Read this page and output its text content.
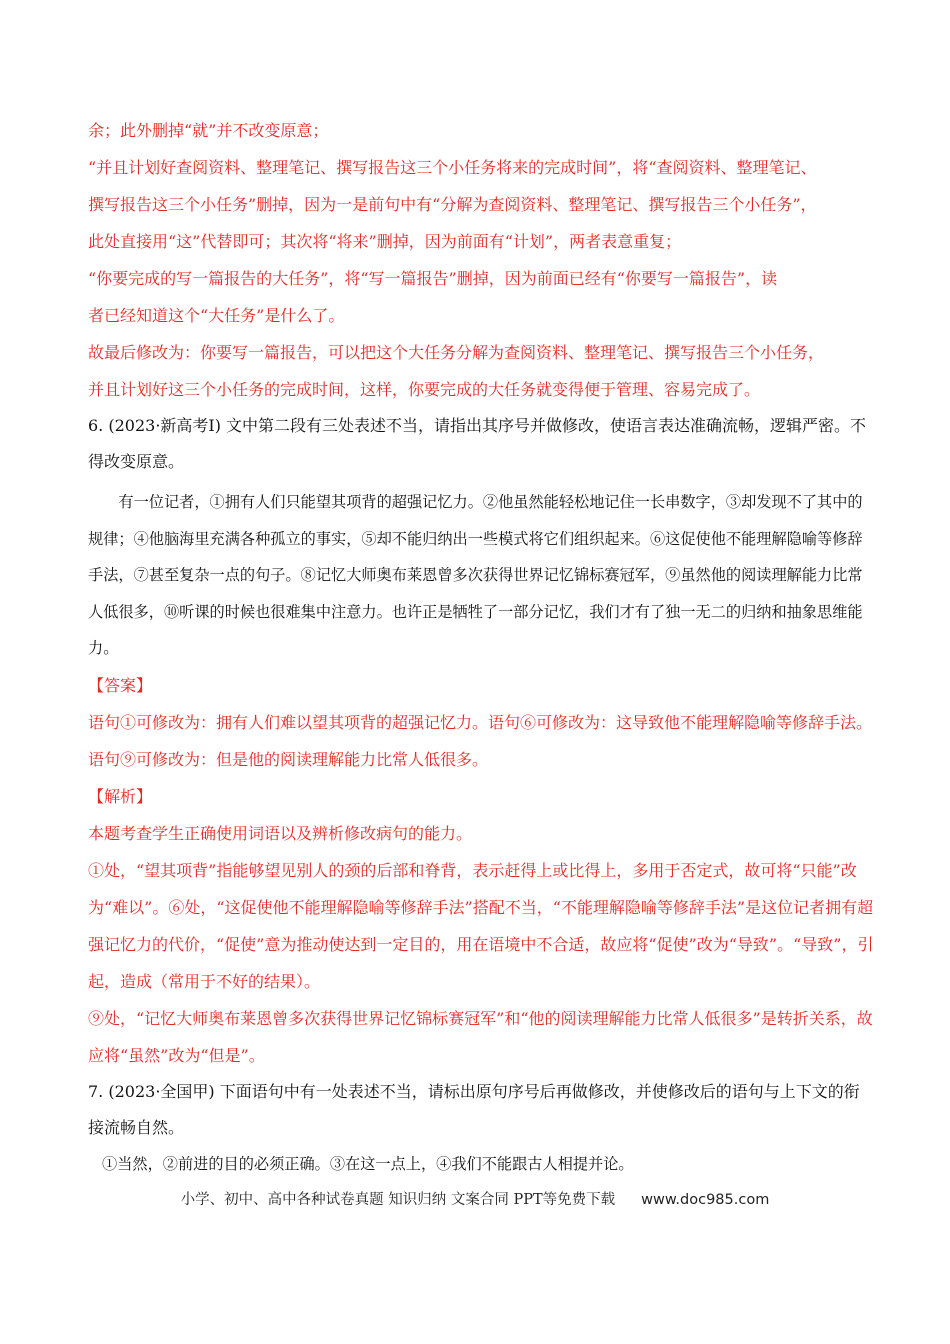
余；此外删掉“就”并不改变原意；
“并且计划好查阅资料、整理笔记、撰写报告这三个小任务将来的完成时间”，将“查阅资料、整理笔记、
撰写报告这三个小任务”删掉，因为一是前句中有“分解为查阅资料、整理笔记、撰写报告三个小任务”，
此处直接用“这”代替即可；其次将“将来”删掉，因为前面有“计划”，两者表意重复；
“你要完成的写一篇报告的大任务”，将“写一篇报告”删掉，因为前面已经有“你要写一篇报告”，读
者已经知道这个“大任务”是什么了。
故最后修改为：你要写一篇报告，可以把这个大任务分解为查阅资料、整理笔记、撰写报告三个小任务，
并且计划好这三个小任务的完成时间，这样，你要完成的大任务就变得便于管理、容易完成了。
6. (2023·新高考Ⅰ) 文中第二段有三处表述不当，请指出其序号并做修改，使语言表达准确流畅，逻辑严密。不得改变原意。

有一位记者，①拥有人们只能望其项背的超强记忆力。②他虽然能轻松地记住一长串数字，③却发现不了其中的规律；④他脑海里充满各种孤立的事实，⑤却不能归纳出一些模式将它们组织起来。⑥这促使他不能理解隐喻等修辞手法，⑦甚至复杂一点的句子。⑧记忆大师奥布莱恩曾多次获得世界记忆锦标赛冠军，⑨虽然他的阅读理解能力比常人低很多，⑩听课的时候也很难集中注意力。也许正是牺牲了一部分记忆，我们才有了独一无二的归纳和抽象思维能力。

【答案】
语句①可修改为：拥有人们难以望其项背的超强记忆力。语句⑥可修改为：这导致他不能理解隐喻等修辞手法。语句⑨可修改为：但是他的阅读理解能力比常人低很多。
【解析】
本题考查学生正确使用词语以及辨析修改病句的能力。
①处，“望其项背”指能够望见别人的颈的后部和脊背，表示赶得上或比得上，多用于否定式，故可将“只能”改为“难以”。⑥处，“这促使他不能理解隐喻等修辞手法”搭配不当，“不能理解隐喻等修辞手法”是这位记者拥有超强记忆力的代价，“促使”意为推动使达到一定目的，用在语境中不合适，故应将“促使”改为“导致”。“导致”，引起，造成（常用于不好的结果）。
⑨处，“记忆大师奥布莱恩曾多次获得世界记忆锦标赛冠军”和“他的阅读理解能力比常人低很多”是转折关系，故应将“虽然”改为“但是”。
7. (2023·全国甲) 下面语句中有一处表述不当，请标出原句序号后再做修改，并使修改后的语句与上下文的衔接流畅自然。
①当然，②前进的目的必须正确。③在这一点上，④我们不能跟古人相提并论。
小学、初中、高中各种试卷真题 知识归纳 文案合同 PPT等免费下载 www.doc985.com
